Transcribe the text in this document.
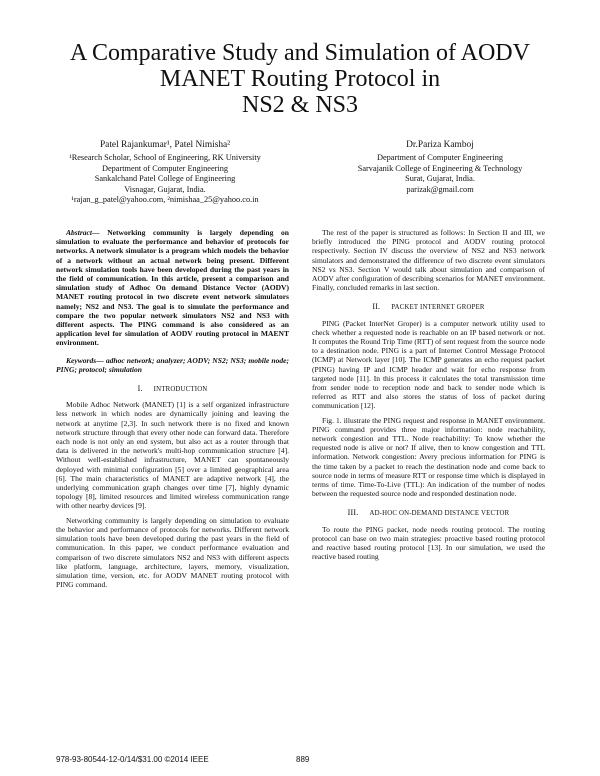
A Comparative Study and Simulation of AODV
MANET Routing Protocol in
NS2 & NS3
Patel Rajankumar¹, Patel Nimisha²
¹Research Scholar, School of Engineering, RK University
Department of Computer Engineering
Sankalchand Patel College of Engineering
Visnagar, Gujarat, India.
¹rajan_g_patel@yahoo.com, ²nimishaa_25@yahoo.co.in
Dr.Pariza Kamboj
Department of Computer Engineering
Sarvajanik College of Engineering & Technology
Surat, Gujarat, India.
parizak@gmail.com

Abstract— Networking community is largely depending on simulation to evaluate the performance and behavior of protocols for networks. A network simulator is a program which models the behavior of a network without an actual network being present. Different network simulation tools have been developed during the past years in the field of communication. In this article, present a comparison and simulation study of Adhoc On demand Distance Vector (AODV) MANET routing protocol in two discrete event network simulators namely; NS2 and NS3. The goal is to simulate the performance and compare the two popular network simulators NS2 and NS3 with different aspects. The PING command is also considered as an application level for simulation of AODV routing protocol in MAENT environment.

Keywords— adhoc network; analyzer; AODV; NS2; NS3; mobile node; PING; protocol; simulation

I. INTRODUCTION

Mobile Adhoc Network (MANET) [1] is a self organized infrastructure less network in which nodes are dynamically joining and leaving the network at anytime [2,3]. In such network there is no fixed and known network structure through that every other node can forward data. Therefore each node is not only an end system, but also act as a router through that data is delivered in the network's multi-hop communication structure [4]. Without well-established infrastructure, MANET can spontaneously deployed with minimal configuration [5] over a limited geographical area [6]. The main characteristics of MANET are adaptive network [4], the underlying communication graph changes over time [7], highly dynamic topology [8], limited resources and limited wireless communication range with other nearby devices [9].

Networking community is largely depending on simulation to evaluate the behavior and performance of protocols for networks. Different network simulation tools have been developed during the past years in the field of communication. In this paper, we conduct performance evaluation and comparison of two discrete simulators NS2 and NS3 with different aspects like platform, language, architecture, layers, memory, visualization, simulation time, version, etc. for AODV MANET routing protocol with PING command.

The rest of the paper is structured as follows: In Section II and III, we briefly introduced the PING protocol and AODV routing protocol respectively. Section IV discuss the overview of NS2 and NS3 network simulators and demonstrated the difference of two discrete event simulators NS2 vs NS3. Section V would talk about simulation and comparison of AODV after configuration of describing scenarios for MANET environment. Finally, concluded remarks in last section.

II. PACKET INTERNET GROPER

PING (Packet InterNet Groper) is a computer network utility used to check whether a requested node is reachable on an IP based network or not. It computes the Round Trip Time (RTT) of sent request from the source node to a destination node. PING is a part of Internet Control Message Protocol (ICMP) at Network layer [10]. The ICMP generates an echo request packet (PING) having IP and ICMP header and wait for echo response from targeted node [11]. In this process it calculates the total transmission time from sender node to reception node and back to sender node which is referred as RTT and also stores the status of loss of packet during communication [12].

Fig. 1. illustrate the PING request and response in MANET environment. PING command provides three major information: node reachability, network congestion and TTL. Node reachability: To know whether the requested node is alive or not? If alive, then to know congestion and TTL information. Network congestion: Avery precious information for PING is the time taken by a packet to reach the destination node and come back to source node in terms of measure RTT or response time which is displayed in terms of time. Time-To-Live (TTL): An indication of the number of nodes between the requested source node and responded destination node.

III. AD-HOC ON-DEMAND DISTANCE VECTOR

To route the PING packet, node needs routing protocol. The routing protocol can base on two main strategies: proactive based routing protocol and reactive based routing protocol [13]. In our simulation, we used the reactive based routing

978-93-80544-12-0/14/$31.00 ©2014 IEEE	889
